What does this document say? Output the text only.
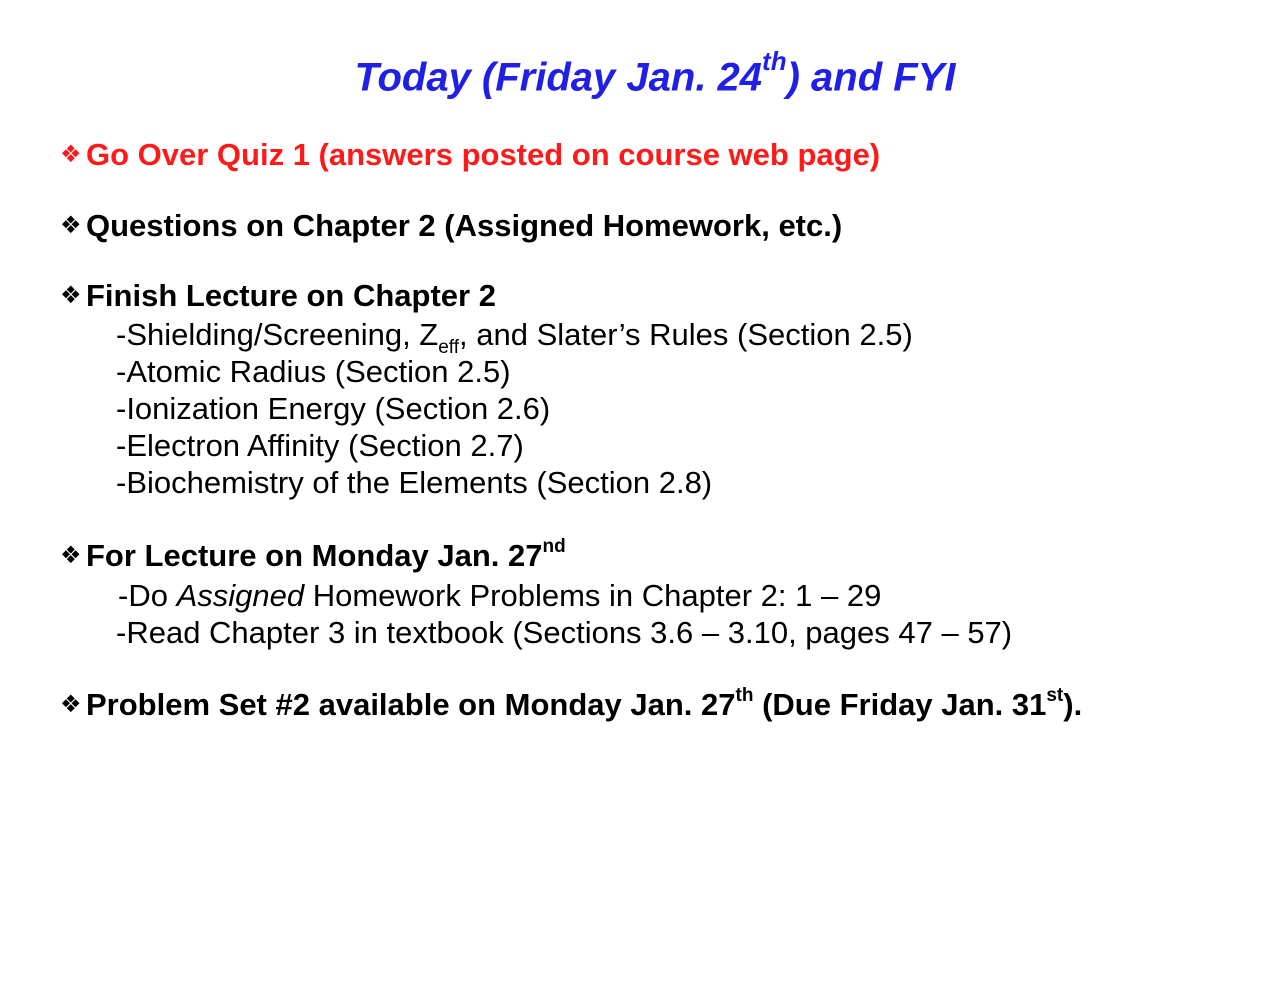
Today (Friday Jan. 24th) and FYI
❖ Go Over Quiz 1 (answers posted on course web page)
❖ Questions on Chapter 2 (Assigned Homework, etc.)
❖ Finish Lecture on Chapter 2
-Shielding/Screening, $Z_{eff}$, and Slater’s Rules (Section 2.5)
-Atomic Radius (Section 2.5)
-Ionization Energy (Section 2.6)
-Electron Affinity (Section 2.7)
-Biochemistry of the Elements (Section 2.8)
❖ For Lecture on Monday Jan. 27nd
-Do Assigned Homework Problems in Chapter 2: 1 – 29
-Read Chapter 3 in textbook (Sections 3.6 – 3.10, pages 47 – 57)
❖ Problem Set #2 available on Monday Jan. 27th (Due Friday Jan. 31st).
